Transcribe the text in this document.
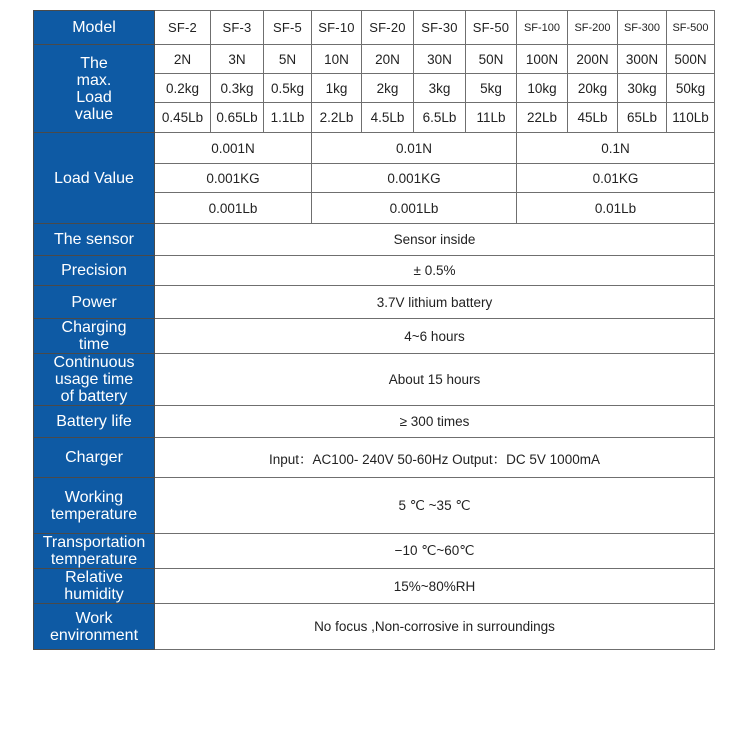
Model	SF-2	SF-3	SF-5	SF-10	SF-20	SF-30	SF-50	SF-100	SF-200	SF-300	SF-500

The
max.
Load
value	2N	3N	5N	10N	20N	30N	50N	100N	200N	300N	500N
	0.2kg	0.3kg	0.5kg	1kg	2kg	3kg	5kg	10kg	20kg	30kg	50kg
	0.45Lb	0.65Lb	1.1Lb	2.2Lb	4.5Lb	6.5Lb	11Lb	22Lb	45Lb	65Lb	110Lb
Load Value	0.001N			0.01N				0.1N			
	0.001KG			0.001KG				0.01KG			
	0.001Lb			0.001Lb				0.01Lb			

The sensor	Sensor inside										

Precision	± 0.5%										

Power	3.7V lithium battery										

Charging
time	4~6 hours										

Continuous
usage time
of battery	About 15 hours										

Battery life	≥ 300 times										

Charger	Input：AC100- 240V 50-60Hz Output：DC 5V 1000mA										

Working
temperature	5 ℃ ~35 ℃										

Transportation
temperature	−10 ℃~60℃										

Relative
humidity	15%~80%RH										

Work
environment	No focus ,Non-corrosive in surroundings										
